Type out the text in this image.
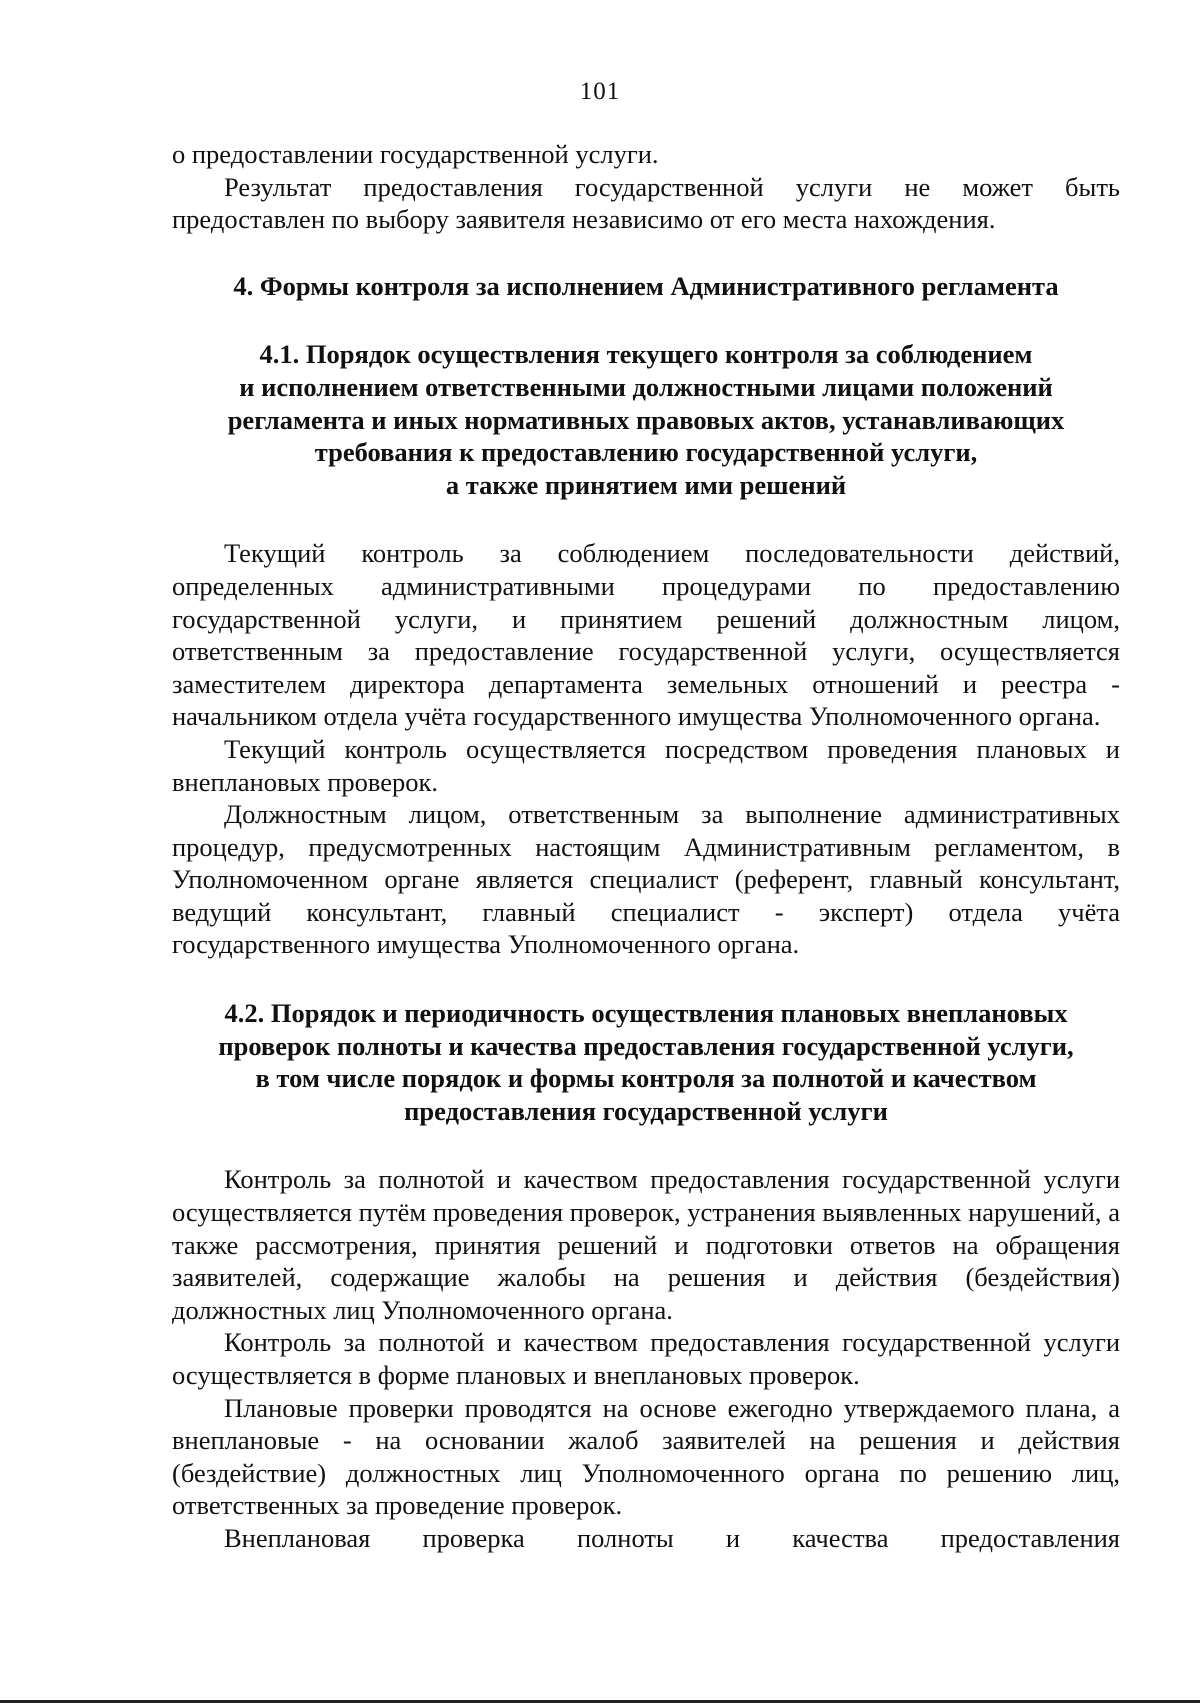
101

о предоставлении государственной услуги.

Результат предоставления государственной услуги не может быть предоставлен по выбору заявителя независимо от его места нахождения.

4. Формы контроля за исполнением Административного регламента
4.1. Порядок осуществления текущего контроля за соблюдением
и исполнением ответственными должностными лицами положений
регламента и иных нормативных правовых актов, устанавливающих
требования к предоставлению государственной услуги,
а также принятием ими решений

Текущий контроль за соблюдением последовательности действий, определенных административными процедурами по предоставлению государственной услуги, и принятием решений должностным лицом, ответственным за предоставление государственной услуги, осуществляется заместителем директора департамента земельных отношений и реестра - начальником отдела учёта государственного имущества Уполномоченного органа.

Текущий контроль осуществляется посредством проведения плановых и внеплановых проверок.

Должностным лицом, ответственным за выполнение административных процедур, предусмотренных настоящим Административным регламентом, в Уполномоченном органе является специалист (референт, главный консультант, ведущий консультант, главный специалист - эксперт) отдела учёта государственного имущества Уполномоченного органа.

4.2. Порядок и периодичность осуществления плановых внеплановых
проверок полноты и качества предоставления государственной услуги,
в том числе порядок и формы контроля за полнотой и качеством
предоставления государственной услуги

Контроль за полнотой и качеством предоставления государственной услуги осуществляется путём проведения проверок, устранения выявленных нарушений, а также рассмотрения, принятия решений и подготовки ответов на обращения заявителей, содержащие жалобы на решения и действия (бездействия) должностных лиц Уполномоченного органа.

Контроль за полнотой и качеством предоставления государственной услуги осуществляется в форме плановых и внеплановых проверок.

Плановые проверки проводятся на основе ежегодно утверждаемого плана, а внеплановые - на основании жалоб заявителей на решения и действия (бездействие) должностных лиц Уполномоченного органа по решению лиц, ответственных за проведение проверок.

Внеплановая проверка полноты и качества предоставления
